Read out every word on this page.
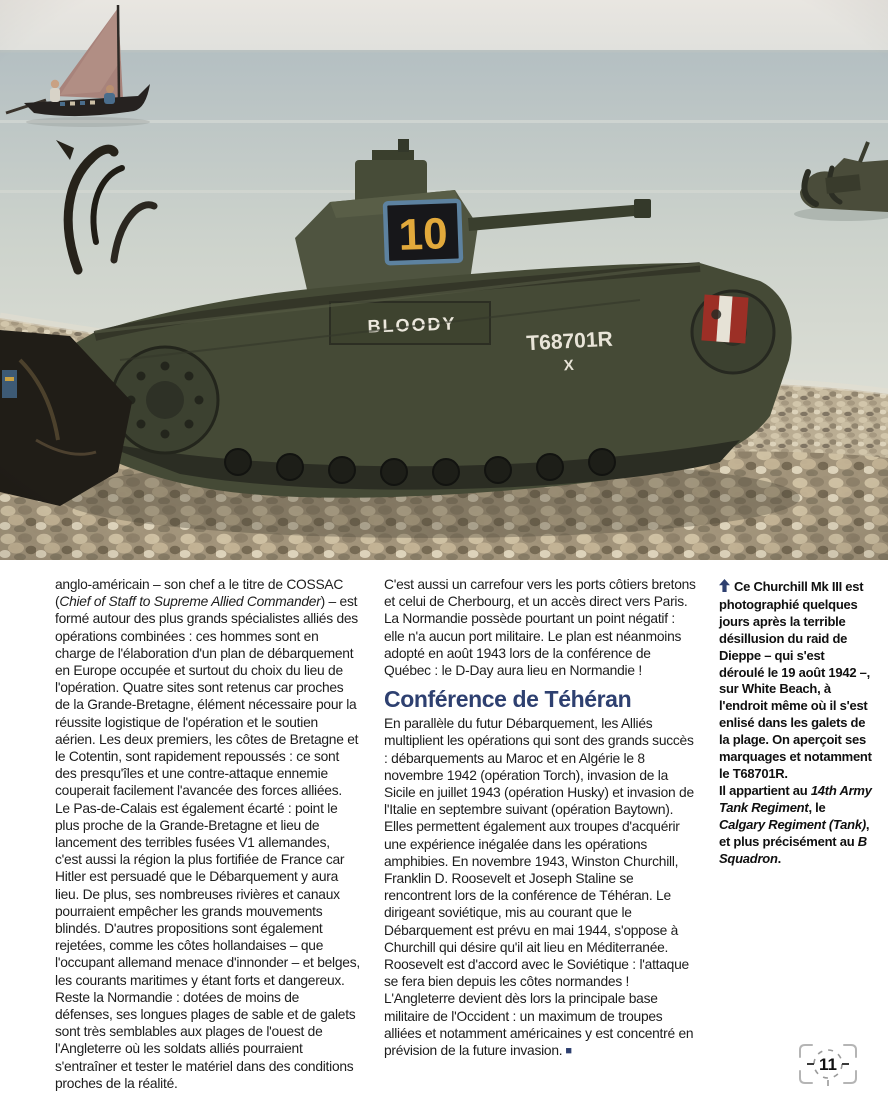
anglo-américain – son chef a le titre de COSSAC (Chief of Staff to Supreme Allied Commander) – est formé autour des plus grands spécialistes alliés des opérations combinées : ces hommes sont en charge de l'élaboration d'un plan de débarquement en Europe occupée et surtout du choix du lieu de l'opération. Quatre sites sont retenus car proches de la Grande-Bretagne, élément nécessaire pour la réussite logistique de l'opération et le soutien aérien. Les deux premiers, les côtes de Bretagne et le Cotentin, sont rapidement repoussés : ce sont des presqu'îles et une contre-attaque ennemie couperait facilement l'avancée des forces alliées. Le Pas-de-Calais est également écarté : point le plus proche de la Grande-Bretagne et lieu de lancement des terribles fusées V1 allemandes, c'est aussi la région la plus fortifiée de France car Hitler est persuadé que le Débarquement y aura lieu. De plus, ses nombreuses rivières et canaux pourraient empêcher les grands mouvements blindés. D'autres propositions sont également rejetées, comme les côtes hollandaises – que l'occupant allemand menace d'innonder – et belges, les courants maritimes y étant forts et dangereux.

Reste la Normandie : dotées de moins de défenses, ses longues plages de sable et de galets sont très semblables aux plages de l'ouest de l'Angleterre où les soldats alliés pourraient s'entraîner et tester le matériel dans des conditions proches de la réalité.

C'est aussi un carrefour vers les ports côtiers bretons et celui de Cherbourg, et un accès direct vers Paris. La Normandie possède pourtant un point négatif : elle n'a aucun port militaire. Le plan est néanmoins adopté en août 1943 lors de la conférence de Québec : le D-Day aura lieu en Normandie !

Conférence de Téhéran

En parallèle du futur Débarquement, les Alliés multiplient les opérations qui sont des grands succès : débarquements au Maroc et en Algérie le 8 novembre 1942 (opération Torch), invasion de la Sicile en juillet 1943 (opération Husky) et invasion de l'Italie en septembre suivant (opération Baytown). Elles permettent également aux troupes d'acquérir une expérience inégalée dans les opérations amphibies. En novembre 1943, Winston Churchill, Franklin D. Roosevelt et Joseph Staline se rencontrent lors de la conférence de Téhéran. Le dirigeant soviétique, mis au courant que le Débarquement est prévu en mai 1944, s'oppose à Churchill qui désire qu'il ait lieu en Méditerranée. Roosevelt est d'accord avec le Soviétique : l'attaque se fera bien depuis les côtes normandes ! L'Angleterre devient dès lors la principale base militaire de l'Occident : un maximum de troupes alliées et notamment américaines y est concentré en prévision de la future invasion. ■

Ce Churchill Mk III est photographié quelques jours après la terrible désillusion du raid de Dieppe – qui s'est déroulé le 19 août 1942 –, sur White Beach, à l'endroit même où il s'est enlisé dans les galets de la plage. On aperçoit ses marquages et notamment le T68701R.

Il appartient au 14th Army Tank Regiment, le Calgary Regiment (Tank), et plus précisément au B Squadron.

11
